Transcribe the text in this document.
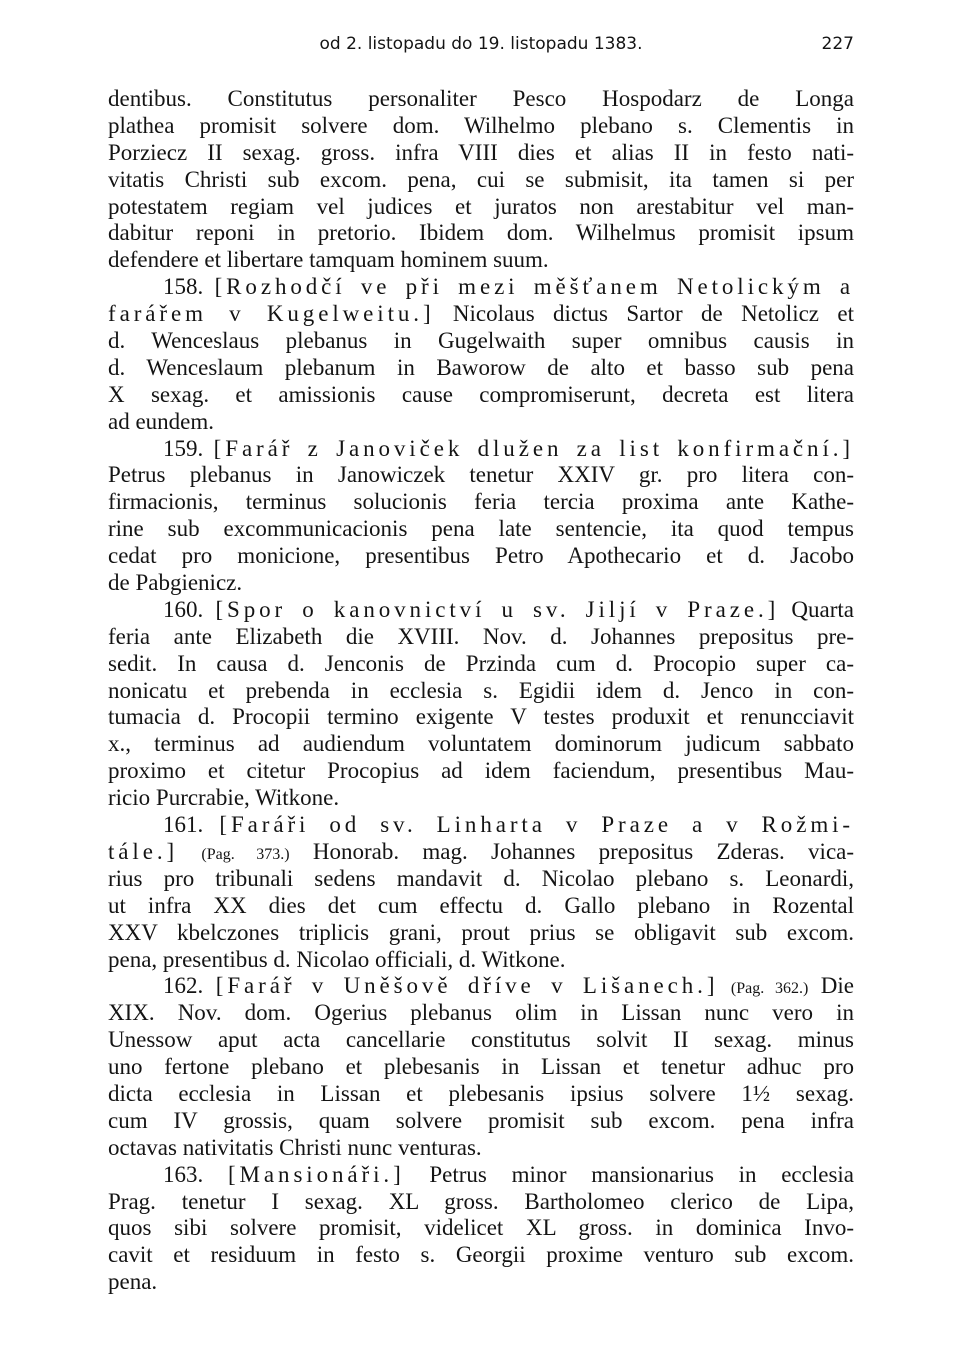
od 2. listopadu do 19. listopadu 1383.	227
dentibus. Constitutus personaliter Pesco Hospodarz de Longa
plathea promisit solvere dom. Wilhelmo plebano s. Clementis in
Porziecz II sexag. gross. infra VIII dies et alias II in festo nati-
vitatis Christi sub excom. pena, cui se submisit, ita tamen si per
potestatem regiam vel judices et juratos non arestabitur vel man-
dabitur reponi in pretorio. Ibidem dom. Wilhelmus promisit ipsum
defendere et libertare tamquam hominem suum.
158. [Rozhodčí ve při mezi měšťanem Netolickým a
farářem v Kugelweitu.] Nicolaus dictus Sartor de Netolicz et
d. Wenceslaus plebanus in Gugelwaith super omnibus causis in
d. Wenceslaum plebanum in Baworow de alto et basso sub pena
X sexag. et amissionis cause compromiserunt, decreta est litera
ad eundem.
159. [Farář z Janoviček dlužen za list konfirmační.]
Petrus plebanus in Janowiczek tenetur XXIV gr. pro litera con-
firmacionis, terminus solucionis feria tercia proxima ante Kathe-
rine sub excommunicacionis pena late sentencie, ita quod tempus
cedat pro monicione, presentibus Petro Apothecario et d. Jacobo
de Pabgienicz.
160. [Spor o kanovnictví u sv. Jiljí v Praze.] Quarta
feria ante Elizabeth die XVIII. Nov. d. Johannes prepositus pre-
sedit. In causa d. Jenconis de Przinda cum d. Procopio super ca-
nonicatu et prebenda in ecclesia s. Egidii idem d. Jenco in con-
tumacia d. Procopii termino exigente V testes produxit et renuncciavit
x., terminus ad audiendum voluntatem dominorum judicum sabbato
proximo et citetur Procopius ad idem faciendum, presentibus Mau-
ricio Purcrabie, Witkone.
161. [Faráři od sv. Linharta v Praze a v Rožmi-
tále.] (Pag. 373.) Honorab. mag. Johannes prepositus Zderas. vica-
rius pro tribunali sedens mandavit d. Nicolao plebano s. Leonardi,
ut infra XX dies det cum effectu d. Gallo plebano in Rozental
XXV kbelczones triplicis grani, prout prius se obligavit sub excom.
pena, presentibus d. Nicolao officiali, d. Witkone.
162. [Farář v Uněšově dříve v Lišanech.] (Pag. 362.) Die
XIX. Nov. dom. Ogerius plebanus olim in Lissan nunc vero in
Unessow aput acta cancellarie constitutus solvit II sexag. minus
uno fertone plebano et plebesanis in Lissan et tenetur adhuc pro
dicta ecclesia in Lissan et plebesanis ipsius solvere 1½ sexag.
cum IV grossis, quam solvere promisit sub excom. pena infra
octavas nativitatis Christi nunc venturas.
163. [Mansionáři.] Petrus minor mansionarius in ecclesia
Prag. tenetur I sexag. XL gross. Bartholomeo clerico de Lipa,
quos sibi solvere promisit, videlicet XL gross. in dominica Invo-
cavit et residuum in festo s. Georgii proxime venturo sub excom.
pena.
